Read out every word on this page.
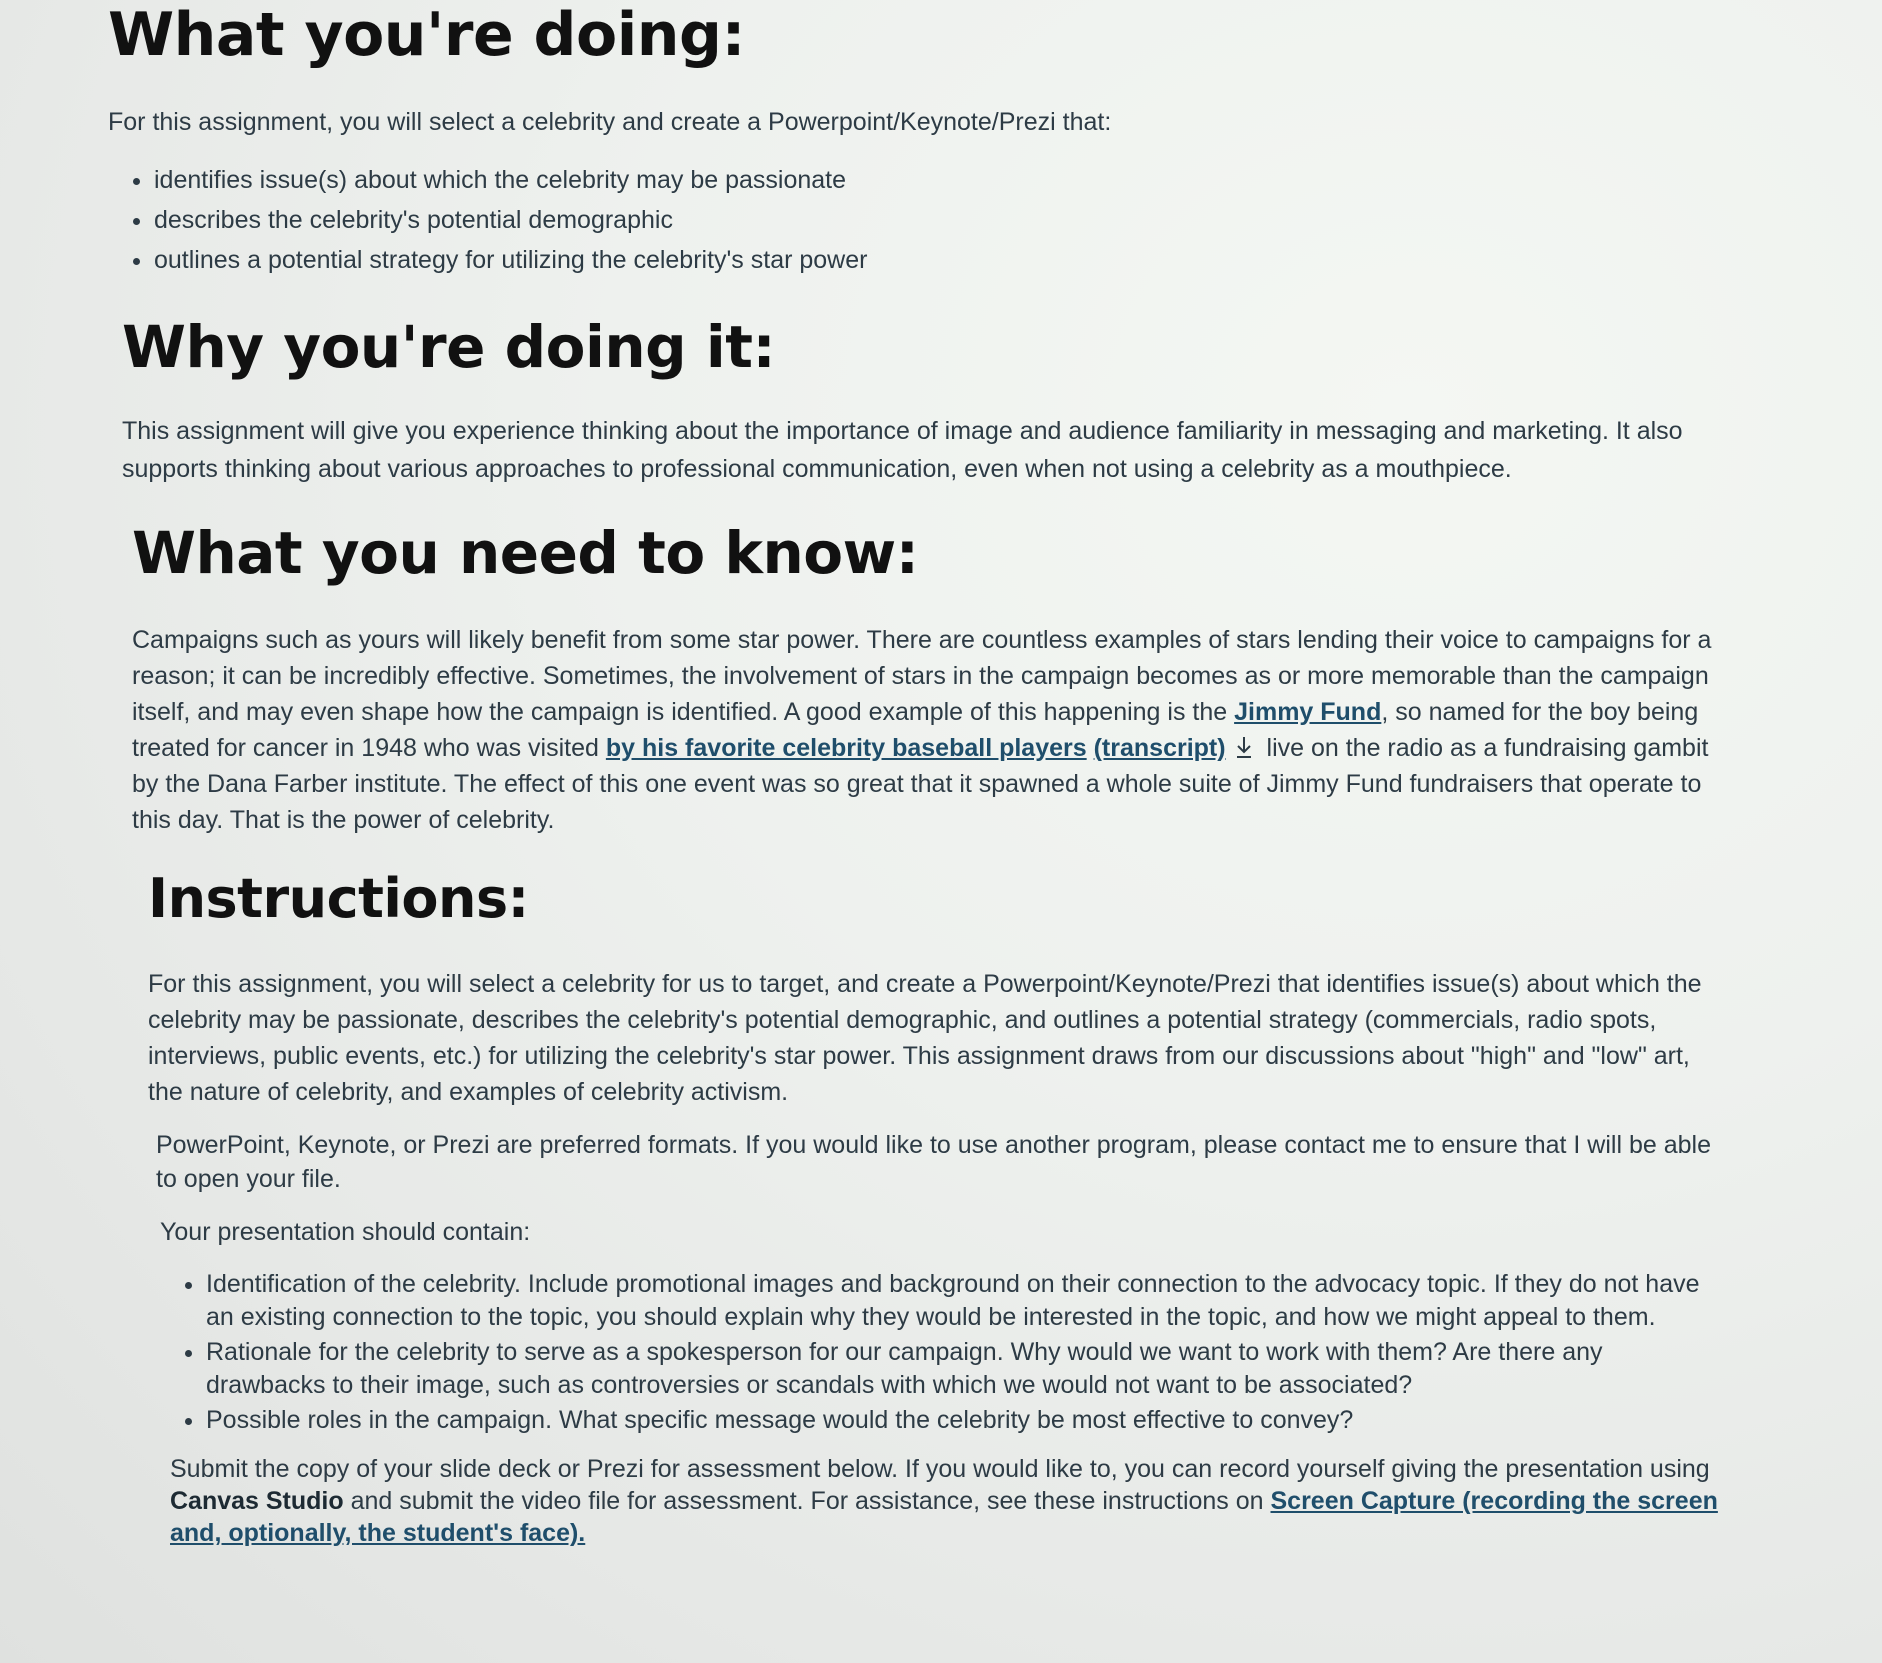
What you're doing:

For this assignment, you will select a celebrity and create a Powerpoint/Keynote/Prezi that:

• identifies issue(s) about which the celebrity may be passionate
• describes the celebrity's potential demographic
• outlines a potential strategy for utilizing the celebrity's star power
Why you're doing it:

This assignment will give you experience thinking about the importance of image and audience familiarity in messaging and marketing. It also supports thinking about various approaches to professional communication, even when not using a celebrity as a mouthpiece.

What you need to know:

Campaigns such as yours will likely benefit from some star power. There are countless examples of stars lending their voice to campaigns for a reason; it can be incredibly effective. Sometimes, the involvement of stars in the campaign becomes as or more memorable than the campaign itself, and may even shape how the campaign is identified. A good example of this happening is the Jimmy Fund, so named for the boy being treated for cancer in 1948 who was visited by his favorite celebrity baseball players (transcript) live on the radio as a fundraising gambit by the Dana Farber institute. The effect of this one event was so great that it spawned a whole suite of Jimmy Fund fundraisers that operate to this day. That is the power of celebrity.

Instructions:

For this assignment, you will select a celebrity for us to target, and create a Powerpoint/Keynote/Prezi that identifies issue(s) about which the celebrity may be passionate, describes the celebrity's potential demographic, and outlines a potential strategy (commercials, radio spots, interviews, public events, etc.) for utilizing the celebrity's star power. This assignment draws from our discussions about "high" and "low" art, the nature of celebrity, and examples of celebrity activism.

PowerPoint, Keynote, or Prezi are preferred formats. If you would like to use another program, please contact me to ensure that I will be able to open your file.

Your presentation should contain:

• Identification of the celebrity. Include promotional images and background on their connection to the advocacy topic. If they do not have an existing connection to the topic, you should explain why they would be interested in the topic, and how we might appeal to them.
• Rationale for the celebrity to serve as a spokesperson for our campaign. Why would we want to work with them? Are there any drawbacks to their image, such as controversies or scandals with which we would not want to be associated?
• Possible roles in the campaign. What specific message would the celebrity be most effective to convey?

Submit the copy of your slide deck or Prezi for assessment below. If you would like to, you can record yourself giving the presentation using Canvas Studio and submit the video file for assessment. For assistance, see these instructions on Screen Capture (recording the screen and, optionally, the student's face).
